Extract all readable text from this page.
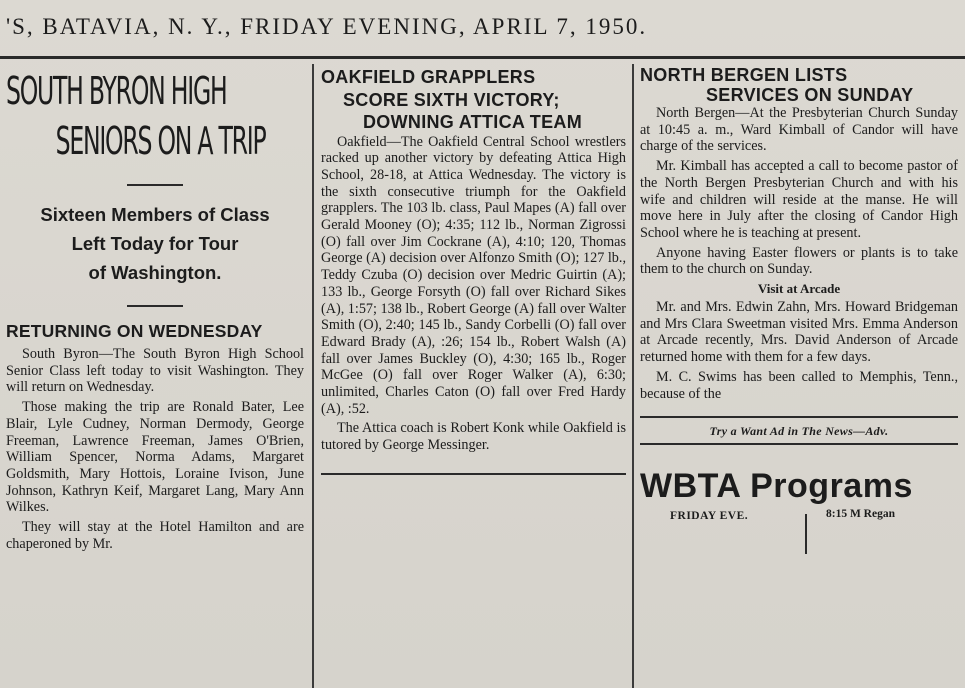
'S, BATAVIA, N. Y., FRIDAY EVENING, APRIL 7, 1950.
SOUTH BYRON HIGH
SENIORS ON A TRIP
Sixteen Members of Class
Left Today for Tour
of Washington.
RETURNING ON WEDNESDAY

South Byron—The South Byron High School Senior Class left today to visit Washington. They will return on Wednesday.

Those making the trip are Ronald Bater, Lee Blair, Lyle Cudney, Norman Dermody, George Freeman, Lawrence Freeman, James O'Brien, William Spencer, Norma Adams, Margaret Goldsmith, Mary Hottois, Loraine Ivison, June Johnson, Kathryn Keif, Margaret Lang, Mary Ann Wilkes.

They will stay at the Hotel Hamilton and are chaperoned by Mr.

OAKFIELD GRAPPLERS
SCORE SIXTH VICTORY;
DOWNING ATTICA TEAM

Oakfield—The Oakfield Central School wrestlers racked up another victory by defeating Attica High School, 28-18, at Attica Wednesday. The victory is the sixth consecutive triumph for the Oakfield grapplers. The 103 lb. class, Paul Mapes (A) fall over Gerald Mooney (O); 4:35; 112 lb., Norman Zigrossi (O) fall over Jim Cockrane (A), 4:10; 120, Thomas George (A) decision over Alfonzo Smith (O); 127 lb., Teddy Czuba (O) decision over Medric Guirtin (A); 133 lb., George Forsyth (O) fall over Richard Sikes (A), 1:57; 138 lb., Robert George (A) fall over Walter Smith (O), 2:40; 145 lb., Sandy Corbelli (O) fall over Edward Brady (A), :26; 154 lb., Robert Walsh (A) fall over James Buckley (O), 4:30; 165 lb., Roger McGee (O) fall over Roger Walker (A), 6:30; unlimited, Charles Caton (O) fall over Fred Hardy (A), :52.

The Attica coach is Robert Konk while Oakfield is tutored by George Messinger.

NORTH BERGEN LISTS
SERVICES ON SUNDAY

North Bergen—At the Presbyterian Church Sunday at 10:45 a. m., Ward Kimball of Candor will have charge of the services.

Mr. Kimball has accepted a call to become pastor of the North Bergen Presbyterian Church and with his wife and children will reside at the manse. He will move here in July after the closing of Candor High School where he is teaching at present.

Anyone having Easter flowers or plants is to take them to the church on Sunday.

Visit at Arcade

Mr. and Mrs. Edwin Zahn, Mrs. Howard Bridgeman and Mrs Clara Sweetman visited Mrs. Emma Anderson at Arcade recently, Mrs. David Anderson of Arcade returned home with them for a few days.

M. C. Swims has been called to Memphis, Tenn., because of the

Try a Want Ad in The News—Adv.
WBTA Programs
FRIDAY EVE.	8:15 M Regan
